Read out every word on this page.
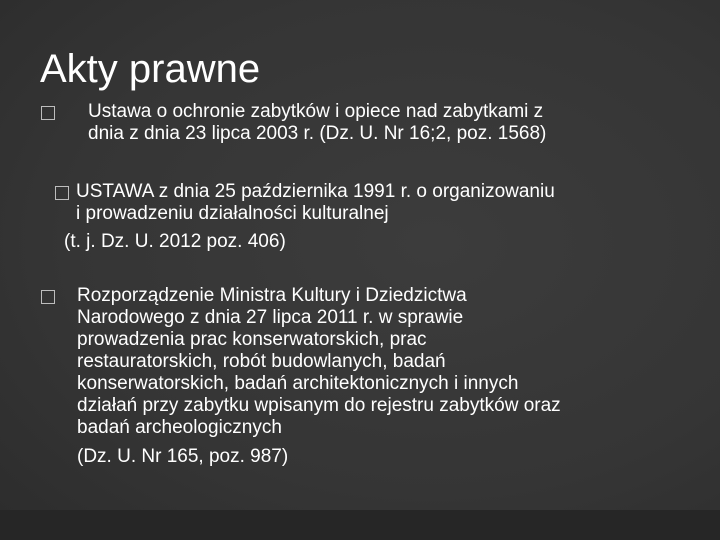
Akty prawne
Ustawa o ochronie zabytków i opiece nad zabytkami z
dnia z dnia 23 lipca 2003 r. (Dz. U. Nr 16;2, poz. 1568)
USTAWA z dnia 25 października 1991 r. o organizowaniu
i prowadzeniu działalności kulturalnej
(t. j. Dz. U. 2012 poz. 406)
Rozporządzenie Ministra Kultury i Dziedzictwa
Narodowego z dnia 27 lipca 2011 r. w sprawie
prowadzenia prac konserwatorskich, prac
restauratorskich, robót budowlanych, badań
konserwatorskich, badań architektonicznych i innych
działań przy zabytku wpisanym do rejestru zabytków oraz
badań archeologicznych
(Dz. U. Nr 165, poz. 987)
